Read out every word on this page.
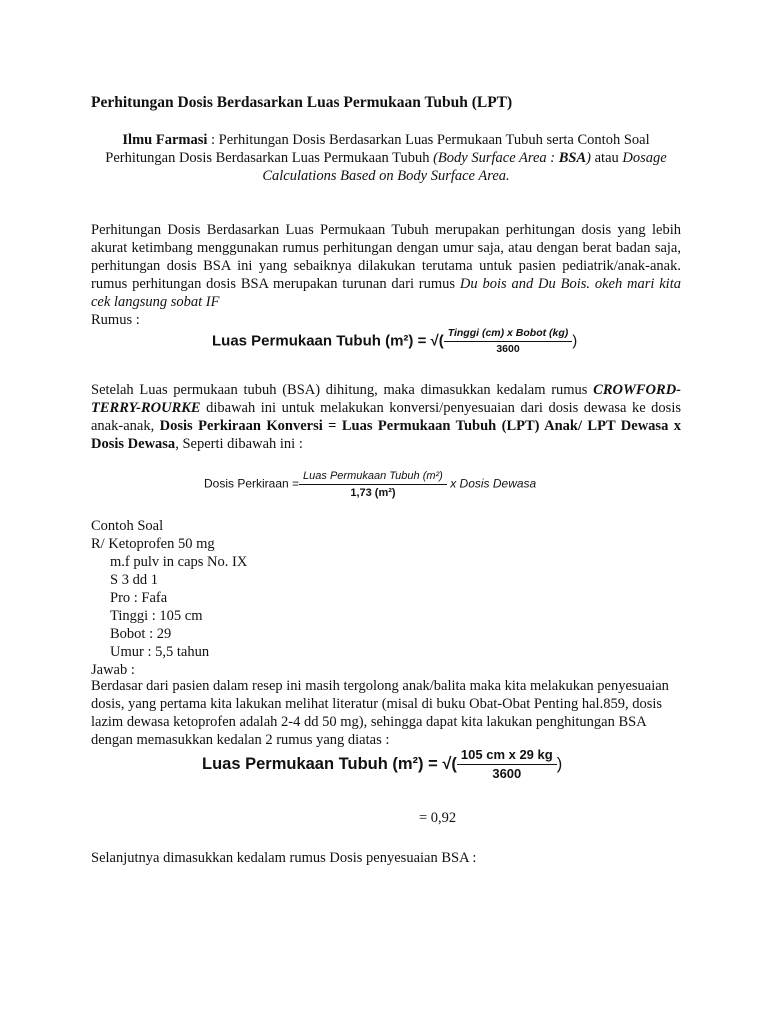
Perhitungan Dosis Berdasarkan Luas Permukaan Tubuh (LPT)
Ilmu Farmasi : Perhitungan Dosis Berdasarkan Luas Permukaan Tubuh serta Contoh Soal Perhitungan Dosis Berdasarkan Luas Permukaan Tubuh (Body Surface Area : BSA) atau Dosage Calculations Based on Body Surface Area.
Perhitungan Dosis Berdasarkan Luas Permukaan Tubuh merupakan perhitungan dosis yang lebih akurat ketimbang menggunakan rumus perhitungan dengan umur saja, atau dengan berat badan saja, perhitungan dosis BSA ini yang sebaiknya dilakukan terutama untuk pasien pediatrik/anak-anak. rumus perhitungan dosis BSA merupakan turunan dari rumus Du bois and Du Bois. okeh mari kita cek langsung sobat IF
Rumus :
Luas Permukaan Tubuh (m²) = √( $\frac{\text{Tinggi (cm) x Bobot (kg)}}{3600}$ )
Setelah Luas permukaan tubuh (BSA) dihitung, maka dimasukkan kedalam rumus CROWFORD-TERRY-ROURKE dibawah ini untuk melakukan konversi/penyesuaian dari dosis dewasa ke dosis anak-anak, Dosis Perkiraan Konversi = Luas Permukaan Tubuh (LPT) Anak/ LPT Dewasa x Dosis Dewasa, Seperti dibawah ini :
Dosis Perkiraan = $\frac{\text{Luas Permukaan Tubuh (m²)}}{\text{1,73 (m²)}}$ x Dosis Dewasa
Contoh Soal
R/ Ketoprofen 50 mg
m.f pulv in caps No. IX
S 3 dd 1
Pro : Fafa
Tinggi : 105 cm
Bobot : 29
Umur : 5,5 tahun
Jawab :
Berdasar dari pasien dalam resep ini masih tergolong anak/balita maka kita melakukan penyesuaian dosis, yang pertama kita lakukan melihat literatur (misal di buku Obat-Obat Penting hal.859, dosis lazim dewasa ketoprofen adalah 2-4 dd 50 mg), sehingga dapat kita lakukan penghitungan BSA dengan memasukkan kedalan 2 rumus yang diatas :
Luas Permukaan Tubuh (m²) = √( $\frac{\text{105 cm x 29 kg}}{3600}$ )
= 0,92
Selanjutnya dimasukkan kedalam rumus Dosis penyesuaian BSA :
